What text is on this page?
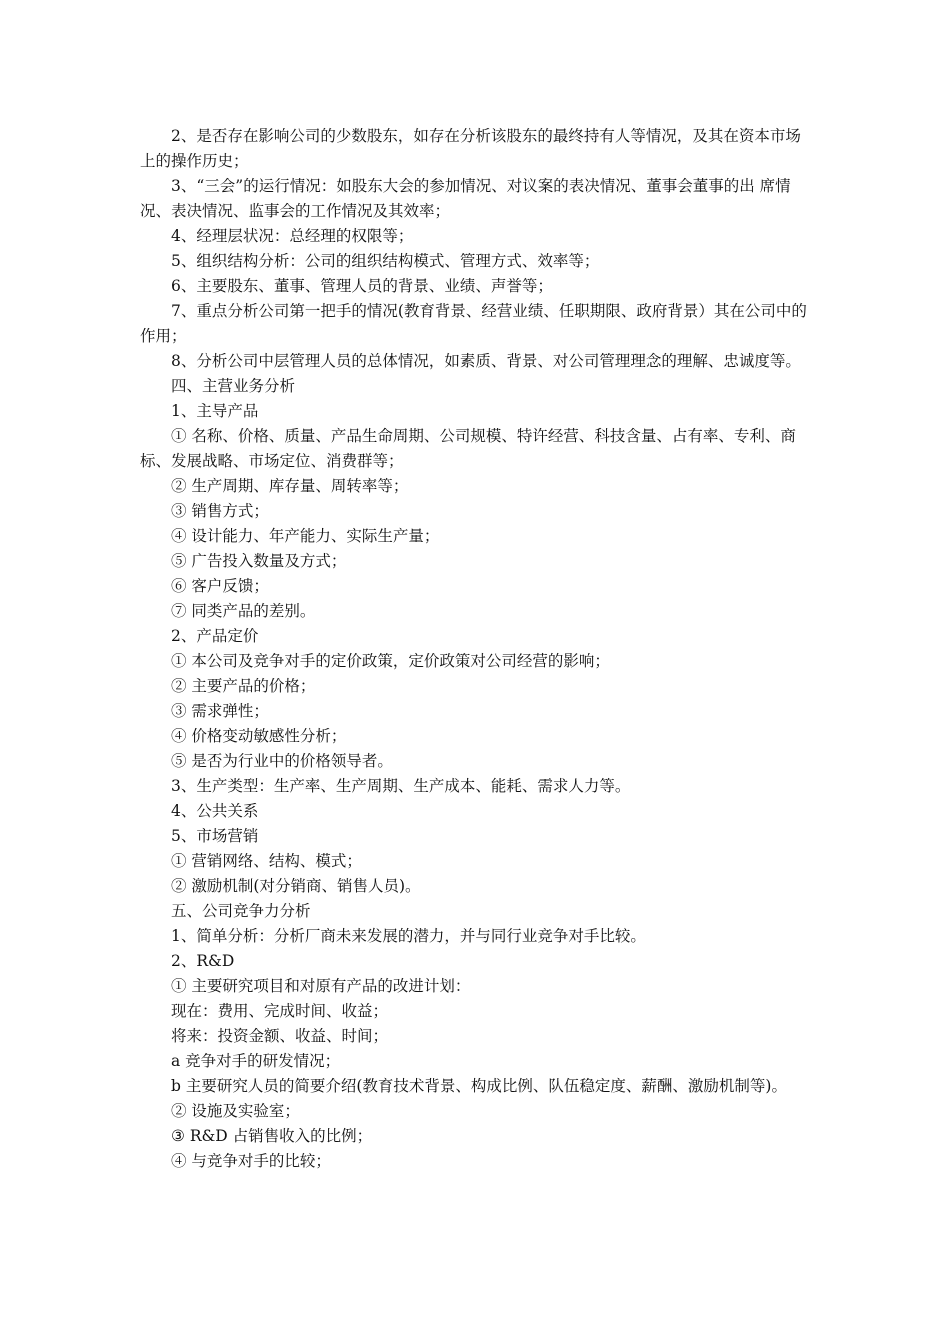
2、是否存在影响公司的少数股东，如存在分析该股东的最终持有人等情况，及其在资本市场上的操作历史；

3、“三会”的运行情况：如股东大会的参加情况、对议案的表决情况、董事会董事的出 席情况、表决情况、监事会的工作情况及其效率；

4、经理层状况：总经理的权限等；

5、组织结构分析：公司的组织结构模式、管理方式、效率等；

6、主要股东、董事、管理人员的背景、业绩、声誉等；

7、重点分析公司第一把手的情况(教育背景、经营业绩、任职期限、政府背景）其在公司中的作用；

8、分析公司中层管理人员的总体情况，如素质、背景、对公司管理理念的理解、忠诚度等。

四、主营业务分析

1、主导产品

① 名称、价格、质量、产品生命周期、公司规模、特许经营、科技含量、占有率、专利、商标、发展战略、市场定位、消费群等；

② 生产周期、库存量、周转率等；

③ 销售方式；

④ 设计能力、年产能力、实际生产量；

⑤ 广告投入数量及方式；

⑥ 客户反馈；

⑦ 同类产品的差别。

2、产品定价

① 本公司及竞争对手的定价政策，定价政策对公司经营的影响；

② 主要产品的价格；

③ 需求弹性；

④ 价格变动敏感性分析；

⑤ 是否为行业中的价格领导者。

3、生产类型：生产率、生产周期、生产成本、能耗、需求人力等。

4、公共关系

5、市场营销

① 营销网络、结构、模式；

② 激励机制(对分销商、销售人员)。

五、公司竞争力分析

1、简单分析：分析厂商未来发展的潜力，并与同行业竞争对手比较。

2、R&D

① 主要研究项目和对原有产品的改进计划：

现在：费用、完成时间、收益；

将来：投资金额、收益、时间；

a 竞争对手的研发情况；

b 主要研究人员的简要介绍(教育技术背景、构成比例、队伍稳定度、薪酬、激励机制等)。

② 设施及实验室；

③ R&D 占销售收入的比例；

④ 与竞争对手的比较；
